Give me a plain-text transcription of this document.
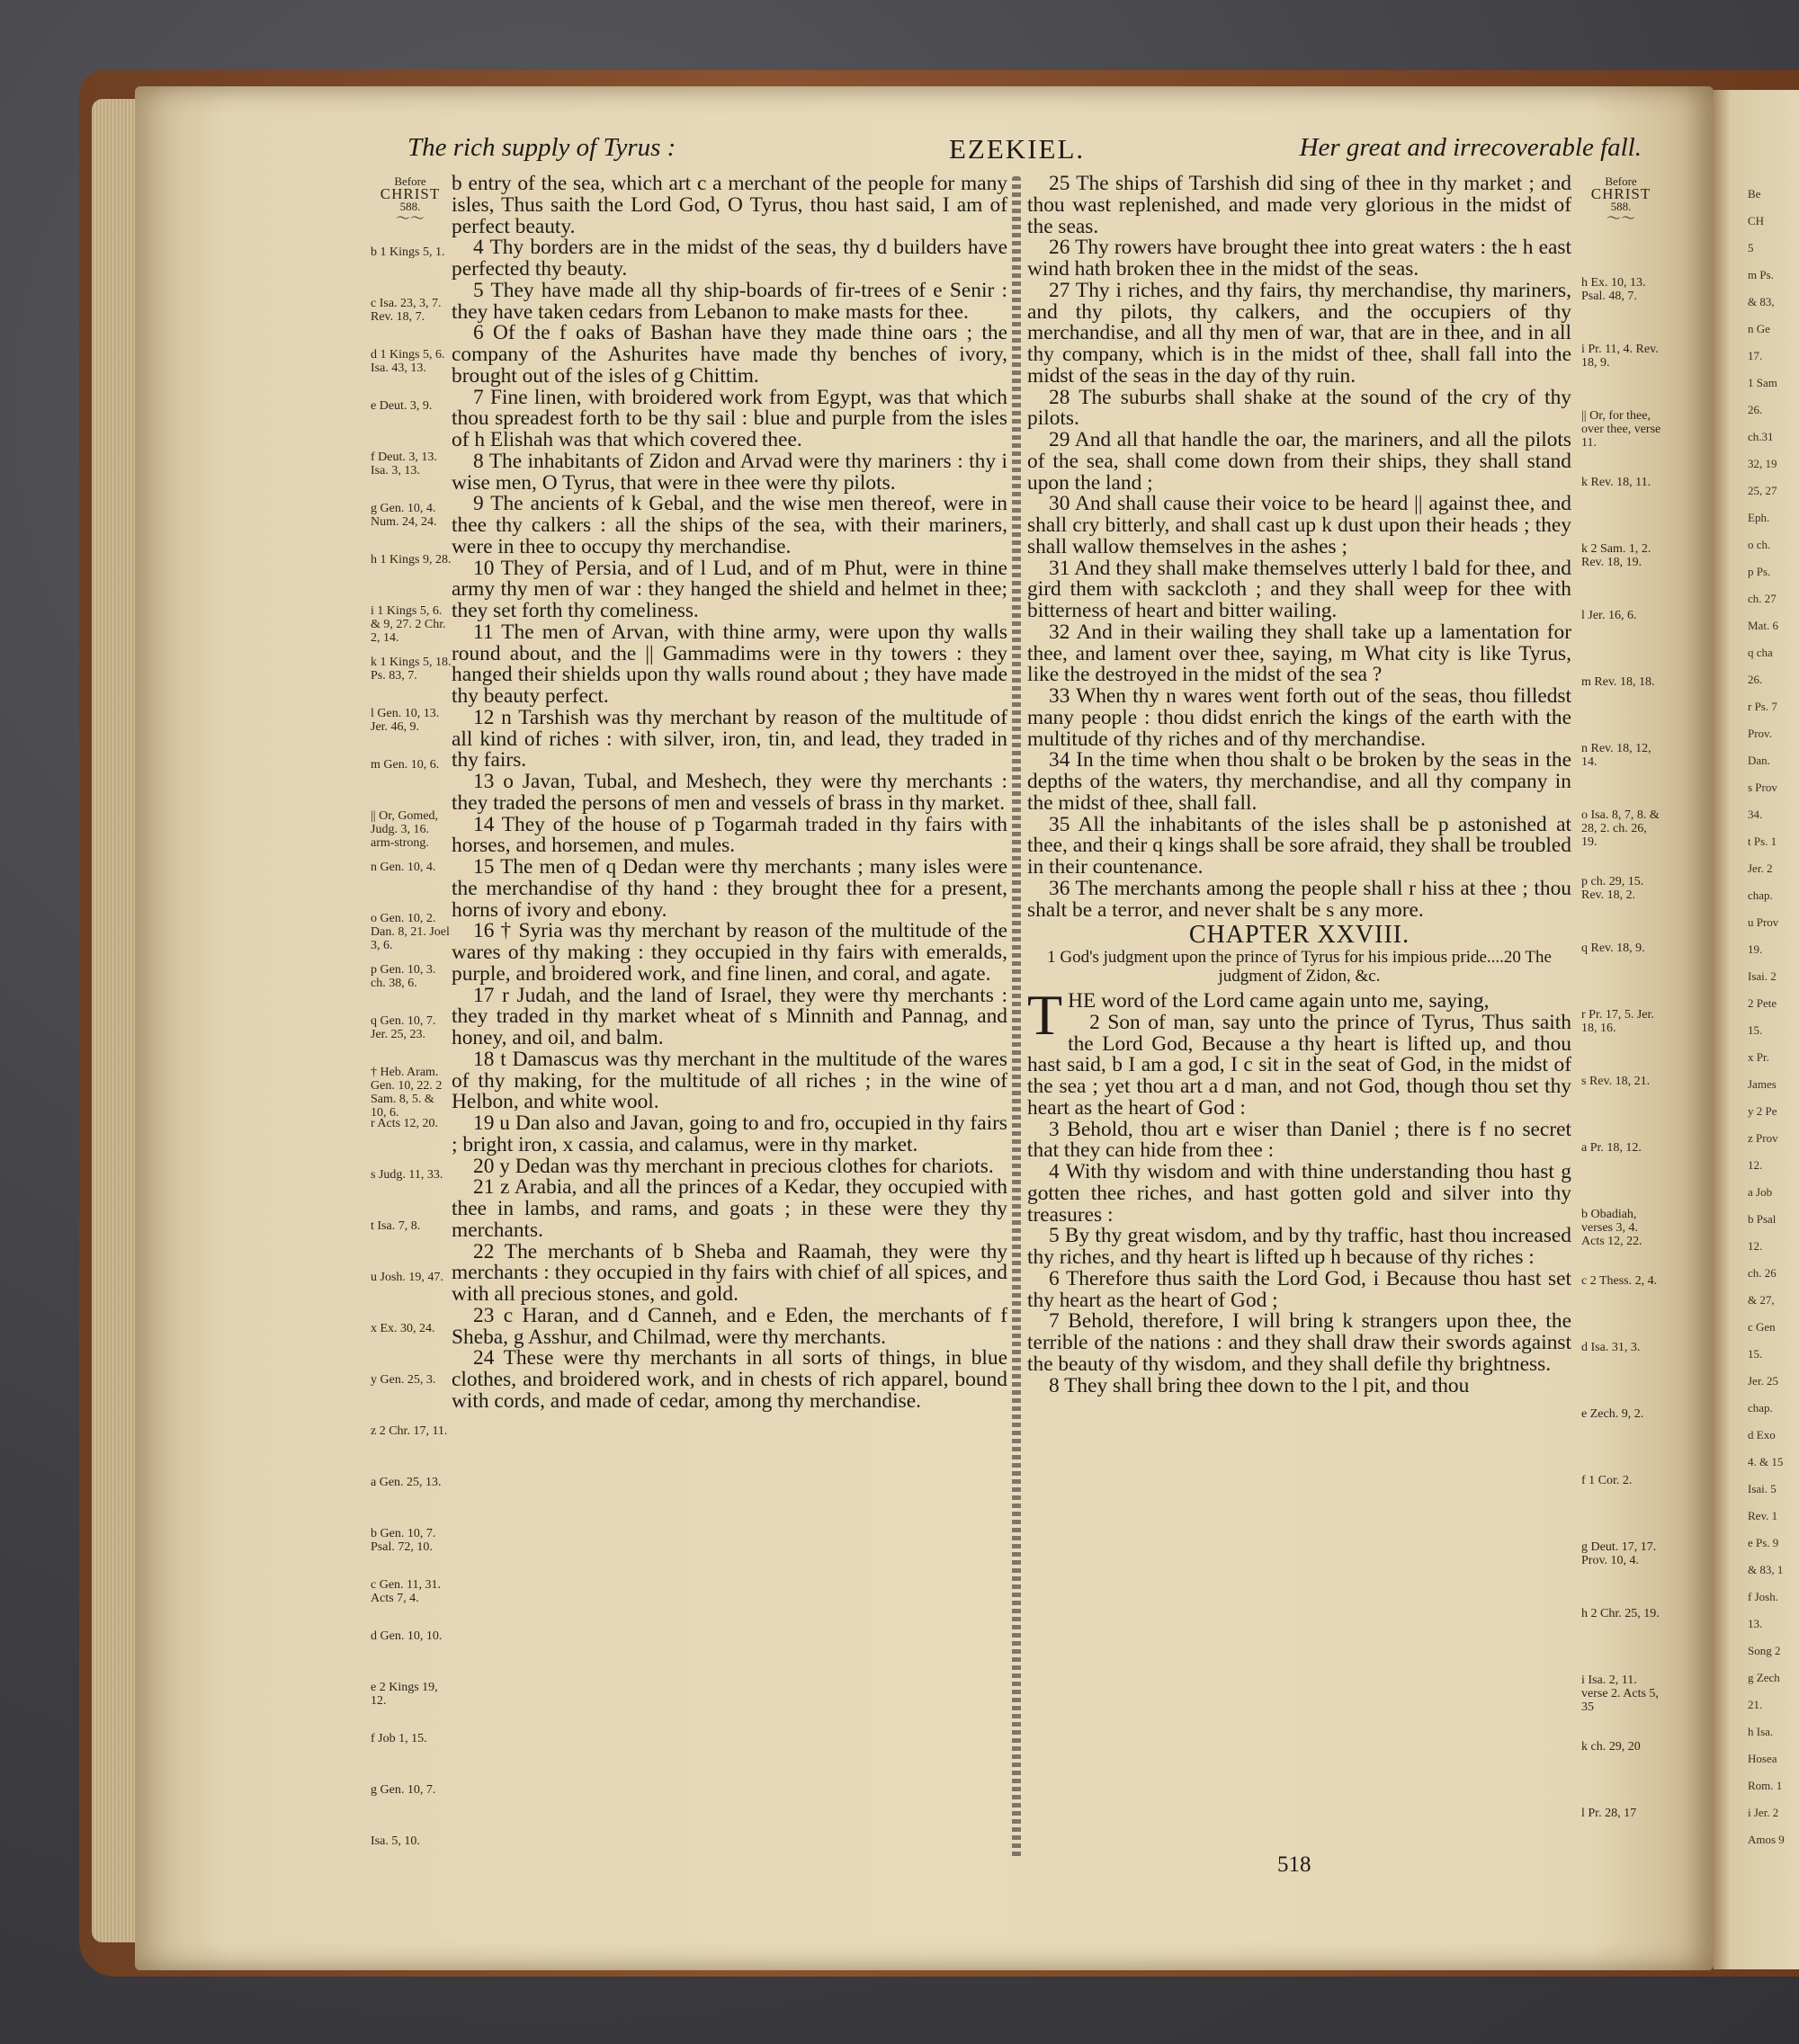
Be
CH
5
m Ps.
& 83,
n Ge
17.
1 Sam
26.
ch.31
32, 19
25, 27
Eph.
o ch.
p Ps.
ch. 27
Mat. 6
q cha
26.
r Ps. 7
Prov.
Dan.
s Prov
34.
t Ps. 1
Jer. 2
chap.
u Prov
19.
Isai. 2
2 Pete
15.
x Pr.
James
y 2 Pe
z Prov
12.
a Job
b Psal
12.
ch. 26
& 27,
c Gen
15.
Jer. 25
chap.
d Exo
4. & 15
Isai. 5
Rev. 1
e Ps. 9
& 83, 1
f Josh.
13.
Song 2
g Zech
21.
h Isa.
Hosea
Rom. 1
i Jer. 2
Amos 9
The rich supply of Tyrus :	EZEKIEL.	Her great and irrecoverable fall.
Before
CHRIST
588.
〜〜
b 1 Kings 5, 1.
c Isa. 23, 3, 7. Rev. 18, 7.
d 1 Kings 5, 6. Isa. 43, 13.
e Deut. 3, 9.
f Deut. 3, 13. Isa. 3, 13.
g Gen. 10, 4. Num. 24, 24.
h 1 Kings 9, 28.
i 1 Kings 5, 6. & 9, 27. 2 Chr. 2, 14.
k 1 Kings 5, 18. Ps. 83, 7.
l Gen. 10, 13. Jer. 46, 9.
m Gen. 10, 6.
|| Or, Gomed, Judg. 3, 16. arm-strong.
n Gen. 10, 4.
o Gen. 10, 2. Dan. 8, 21. Joel 3, 6.
p Gen. 10, 3. ch. 38, 6.
q Gen. 10, 7. Jer. 25, 23.
† Heb. Aram. Gen. 10, 22. 2 Sam. 8, 5. & 10, 6.
r Acts 12, 20.
s Judg. 11, 33.
t Isa. 7, 8.
u Josh. 19, 47.
x Ex. 30, 24.
y Gen. 25, 3.
z 2 Chr. 17, 11.
a Gen. 25, 13.
b Gen. 10, 7. Psal. 72, 10.
c Gen. 11, 31. Acts 7, 4.
d Gen. 10, 10.
e 2 Kings 19, 12.
f Job 1, 15.
g Gen. 10, 7.
Isa. 5, 10.

b entry of the sea, which art c a merchant of the people for many isles, Thus saith the Lord God, O Tyrus, thou hast said, I am of perfect beauty.

4 Thy borders are in the midst of the seas, thy d builders have perfected thy beauty.

5 They have made all thy ship-boards of fir-trees of e Senir : they have taken cedars from Lebanon to make masts for thee.

6 Of the f oaks of Bashan have they made thine oars ; the company of the Ashurites have made thy benches of ivory, brought out of the isles of g Chittim.

7 Fine linen, with broidered work from Egypt, was that which thou spreadest forth to be thy sail : blue and purple from the isles of h Elishah was that which covered thee.

8 The inhabitants of Zidon and Arvad were thy mariners : thy i wise men, O Tyrus, that were in thee were thy pilots.

9 The ancients of k Gebal, and the wise men thereof, were in thee thy calkers : all the ships of the sea, with their mariners, were in thee to occupy thy merchandise.

10 They of Persia, and of l Lud, and of m Phut, were in thine army thy men of war : they hanged the shield and helmet in thee; they set forth thy comeliness.

11 The men of Arvan, with thine army, were upon thy walls round about, and the || Gammadims were in thy towers : they hanged their shields upon thy walls round about ; they have made thy beauty perfect.

12 n Tarshish was thy merchant by reason of the multitude of all kind of riches : with silver, iron, tin, and lead, they traded in thy fairs.

13 o Javan, Tubal, and Meshech, they were thy merchants : they traded the persons of men and vessels of brass in thy market.

14 They of the house of p Togarmah traded in thy fairs with horses, and horsemen, and mules.

15 The men of q Dedan were thy merchants ; many isles were the merchandise of thy hand : they brought thee for a present, horns of ivory and ebony.

16 † Syria was thy merchant by reason of the multitude of the wares of thy making : they occupied in thy fairs with emeralds, purple, and broidered work, and fine linen, and coral, and agate.

17 r Judah, and the land of Israel, they were thy merchants : they traded in thy market wheat of s Minnith and Pannag, and honey, and oil, and balm.

18 t Damascus was thy merchant in the multitude of the wares of thy making, for the multitude of all riches ; in the wine of Helbon, and white wool.

19 u Dan also and Javan, going to and fro, occupied in thy fairs ; bright iron, x cassia, and calamus, were in thy market.

20 y Dedan was thy merchant in precious clothes for chariots.

21 z Arabia, and all the princes of a Kedar, they occupied with thee in lambs, and rams, and goats ; in these were they thy merchants.

22 The merchants of b Sheba and Raamah, they were thy merchants : they occupied in thy fairs with chief of all spices, and with all precious stones, and gold.

23 c Haran, and d Canneh, and e Eden, the merchants of f Sheba, g Asshur, and Chilmad, were thy merchants.

24 These were thy merchants in all sorts of things, in blue clothes, and broidered work, and in chests of rich apparel, bound with cords, and made of cedar, among thy merchandise.

25 The ships of Tarshish did sing of thee in thy market ; and thou wast replenished, and made very glorious in the midst of the seas.

26 Thy rowers have brought thee into great waters : the h east wind hath broken thee in the midst of the seas.

27 Thy i riches, and thy fairs, thy merchandise, thy mariners, and thy pilots, thy calkers, and the occupiers of thy merchandise, and all thy men of war, that are in thee, and in all thy company, which is in the midst of thee, shall fall into the midst of the seas in the day of thy ruin.

28 The suburbs shall shake at the sound of the cry of thy pilots.

29 And all that handle the oar, the mariners, and all the pilots of the sea, shall come down from their ships, they shall stand upon the land ;

30 And shall cause their voice to be heard || against thee, and shall cry bitterly, and shall cast up k dust upon their heads ; they shall wallow themselves in the ashes ;

31 And they shall make themselves utterly l bald for thee, and gird them with sackcloth ; and they shall weep for thee with bitterness of heart and bitter wailing.

32 And in their wailing they shall take up a lamentation for thee, and lament over thee, saying, m What city is like Tyrus, like the destroyed in the midst of the sea ?

33 When thy n wares went forth out of the seas, thou filledst many people : thou didst enrich the kings of the earth with the multitude of thy riches and of thy merchandise.

34 In the time when thou shalt o be broken by the seas in the depths of the waters, thy merchandise, and all thy company in the midst of thee, shall fall.

35 All the inhabitants of the isles shall be p astonished at thee, and their q kings shall be sore afraid, they shall be troubled in their countenance.

36 The merchants among the people shall r hiss at thee ; thou shalt be a terror, and never shalt be s any more.

CHAPTER XXVIII.
1 God's judgment upon the prince of Tyrus for his impious pride....20 The judgment of Zidon, &c.

THE word of the Lord came again unto me, saying,

2 Son of man, say unto the prince of Tyrus, Thus saith the Lord God, Because a thy heart is lifted up, and thou hast said, b I am a god, I c sit in the seat of God, in the midst of the sea ; yet thou art a d man, and not God, though thou set thy heart as the heart of God :

3 Behold, thou art e wiser than Daniel ; there is f no secret that they can hide from thee :

4 With thy wisdom and with thine understanding thou hast g gotten thee riches, and hast gotten gold and silver into thy treasures :

5 By thy great wisdom, and by thy traffic, hast thou increased thy riches, and thy heart is lifted up h because of thy riches :

6 Therefore thus saith the Lord God, i Because thou hast set thy heart as the heart of God ;

7 Behold, therefore, I will bring k strangers upon thee, the terrible of the nations : and they shall draw their swords against the beauty of thy wisdom, and they shall defile thy brightness.

8 They shall bring thee down to the l pit, and thou

Before
CHRIST
588.
〜〜
h Ex. 10, 13. Psal. 48, 7.
i Pr. 11, 4. Rev. 18, 9.
|| Or, for thee, over thee, verse 11.
k Rev. 18, 11.
k 2 Sam. 1, 2. Rev. 18, 19.
l Jer. 16, 6.
m Rev. 18, 18.
n Rev. 18, 12, 14.
o Isa. 8, 7, 8. & 28, 2. ch. 26, 19.
p ch. 29, 15. Rev. 18, 2.
q Rev. 18, 9.
r Pr. 17, 5. Jer. 18, 16.
s Rev. 18, 21.
a Pr. 18, 12.
b Obadiah, verses 3, 4. Acts 12, 22.
c 2 Thess. 2, 4.
d Isa. 31, 3.
e Zech. 9, 2.
f 1 Cor. 2.
g Deut. 17, 17. Prov. 10, 4.
h 2 Chr. 25, 19.
i Isa. 2, 11. verse 2. Acts 5, 35
k ch. 29, 20
l Pr. 28, 17
518
